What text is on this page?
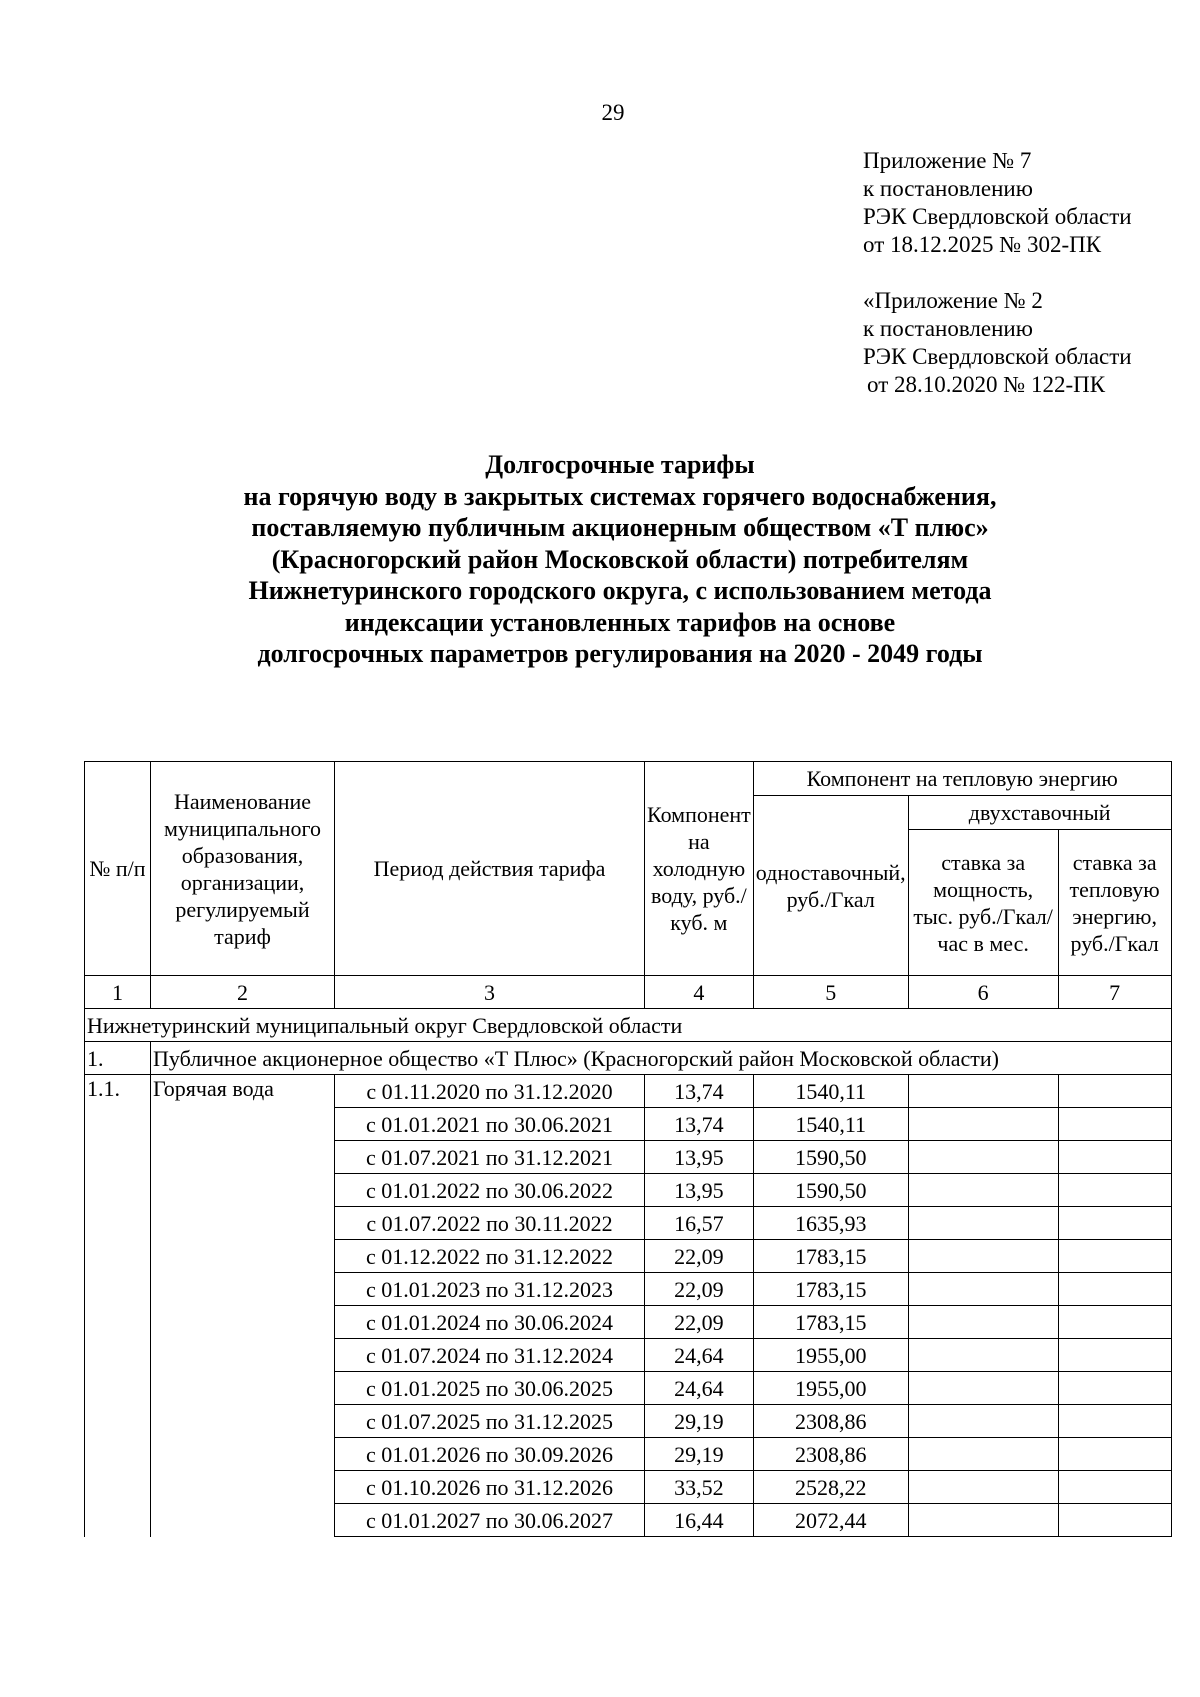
29
Приложение № 7
к постановлению
РЭК Свердловской области
от 18.12.2025 № 302-ПК
«Приложение № 2
к постановлению
РЭК Свердловской области
от 28.10.2020 № 122-ПК
Долгосрочные тарифы
на горячую воду в закрытых системах горячего водоснабжения,
поставляемую публичным акционерным обществом «Т плюс»
(Красногорский район Московской области) потребителям
Нижнетуринского городского округа, с использованием метода
индексации установленных тарифов на основе
долгосрочных параметров регулирования на 2020 - 2049 годы
№ п/п	Наименование муниципального образования, организации, регулируемый тариф	Период действия тарифа	Компонент на холодную воду, руб./куб. м	Компонент на тепловую энергию		
				одноставочный, руб./Гкал	двухставочный	
					ставка за мощность, тыс. руб./Гкал/час в мес.	ставка за тепловую энергию, руб./Гкал
1	2	3	4	5	6	7
Нижнетуринский муниципальный округ Свердловской области						
1.	Публичное акционерное общество «Т Плюс» (Красногорский район Московской области)					
1.1.	Горячая вода	с 01.11.2020 по 31.12.2020	13,74	1540,11		
		с 01.01.2021 по 30.06.2021	13,74	1540,11		
		с 01.07.2021 по 31.12.2021	13,95	1590,50		
		с 01.01.2022 по 30.06.2022	13,95	1590,50		
		с 01.07.2022 по 30.11.2022	16,57	1635,93		
		с 01.12.2022 по 31.12.2022	22,09	1783,15		
		с 01.01.2023 по 31.12.2023	22,09	1783,15		
		с 01.01.2024 по 30.06.2024	22,09	1783,15		
		с 01.07.2024 по 31.12.2024	24,64	1955,00		
		с 01.01.2025 по 30.06.2025	24,64	1955,00		
		с 01.07.2025 по 31.12.2025	29,19	2308,86		
		с 01.01.2026 по 30.09.2026	29,19	2308,86		
		с 01.10.2026 по 31.12.2026	33,52	2528,22		
		с 01.01.2027 по 30.06.2027	16,44	2072,44		
